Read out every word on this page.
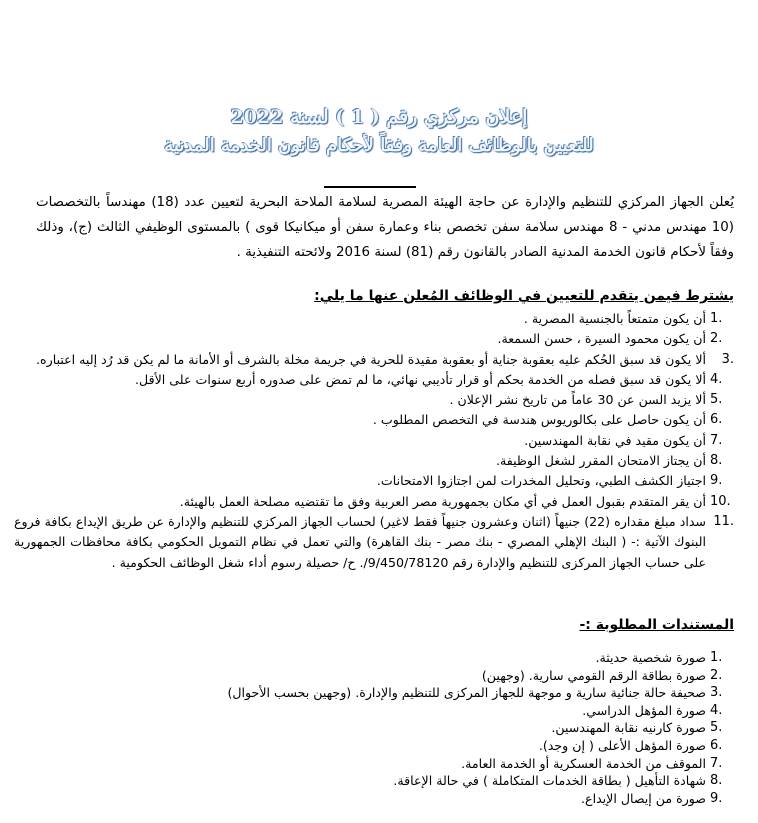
إعلان مركزي رقم ( 1 ) لسنة 2022
للتعيين بالوظائف العامة وفقاً لأحكام قانون الخدمة المدنية

يُعلن الجهاز المركزي للتنظيم والإدارة عن حاجة الهيئة المصرية لسلامة الملاحة البحرية لتعيين عدد (18) مهندساً بالتخصصات (10 مهندس مدني - 8 مهندس سلامة سفن تخصص بناء وعمارة سفن أو ميكانيكا قوى ) بالمستوى الوظيفي الثالث (ج)، وذلك وفقاً لأحكام قانون الخدمة المدنية الصادر بالقانون رقم (81) لسنة 2016 ولائحته التنفيذية .

يشترط فيمن يتقدم للتعيين في الوظائف المُعلن عنها ما يلي:

1.
أن يكون متمتعاً بالجنسية المصرية .
2.
أن يكون محمود السيرة ، حسن السمعة.
3.
ألا يكون قد سبق الحُكم عليه بعقوبة جناية أو بعقوبة مقيدة للحرية في جريمة مخلة بالشرف أو الأمانة ما لم يكن قد رُد إليه اعتباره.
4.
ألا يكون قد سبق فصله من الخدمة بحكم أو قرار تأديبي نهائي، ما لم تمض على صدوره أربع سنوات على الأقل.
5.
ألا يزيد السن عن 30 عاماً من تاريخ نشر الإعلان .
6.
أن يكون حاصل على بكالوريوس هندسة في التخصص المطلوب .
7.
أن يكون مقيد في نقابة المهندسين.
8.
أن يجتاز الامتحان المقرر لشغل الوظيفة.
9.
اجتياز الكشف الطبي، وتحليل المخدرات لمن اجتازوا الامتحانات.
10.
أن يقر المتقدم بقبول العمل في أي مكان بجمهورية مصر العربية وفق ما تقتضيه مصلحة العمل بالهيئة.
11.
سداد مبلغ مقداره (22) جنيهاً (اثنان وعشرون جنيهاً فقط لاغير) لحساب الجهاز المركزي للتنظيم والإدارة عن طريق الإيداع بكافة فروع البنوك الآتية :- ( البنك الإهلي المصري - بنك مصر - بنك القاهرة) والتي تعمل في نظام التمويل الحكومي بكافة محافظات الجمهورية على حساب الجهاز المركزى للتنظيم والإدارة رقم 9/450/78120/. ح/ حصيلة رسوم أداء شغل الوظائف الحكومية .

المستندات المطلوبة :-

1.
صورة شخصية حديثة.
2.
صورة بطاقة الرقم القومي سارية. (وجهين)
3.
صحيفة حالة جنائية سارية و موجهة للجهاز المركزى للتنظيم والإدارة. (وجهين بحسب الأحوال)
4.
صورة المؤهل الدراسي.
5.
صورة كارنيه نقابة المهندسين.
6.
صورة المؤهل الأعلى ( إن وجد).
7.
الموقف من الخدمة العسكرية أو الخدمة العامة.
8.
شهادة التأهيل ( بطاقة الخدمات المتكاملة ) في حالة الإعاقة.
9.
صورة من إيصال الإيداع.
